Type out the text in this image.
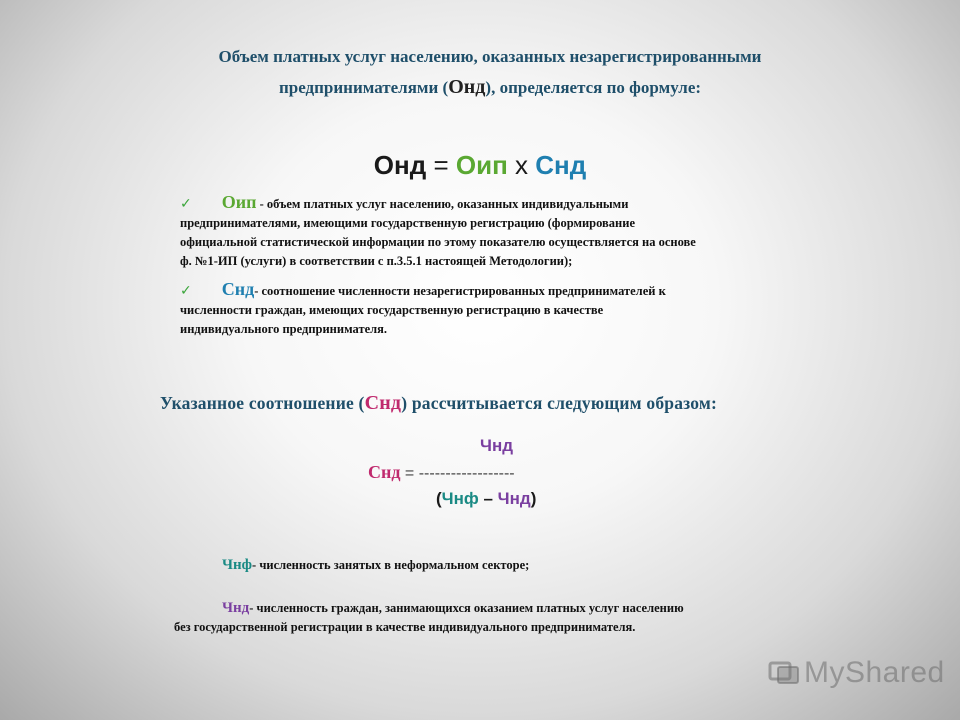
Объем платных услуг населению, оказанных незарегистрированными
предпринимателями (Онд), определяется по формуле:
Онд = Оип х Снд
✓ Оип - объем платных услуг населению, оказанных индивидуальными
предпринимателями, имеющими государственную регистрацию (формирование
официальной статистической информации по этому показателю осуществляется на основе
ф. №1-ИП (услуги) в соответствии с п.3.5.1 настоящей Методологии);
✓ Снд- соотношение численности незарегистрированных предпринимателей к
численности граждан, имеющих государственную регистрацию в качестве
индивидуального предпринимателя.
Указанное соотношение (Снд) рассчитывается следующим образом:
Чнд
Снд = ------------------
(Чнф – Чнд)
Чнф- численность занятых в неформальном секторе;
Чнд- численность граждан, занимающихся оказанием платных услуг населению
без государственной регистрации в качестве индивидуального предпринимателя.
MyShared
